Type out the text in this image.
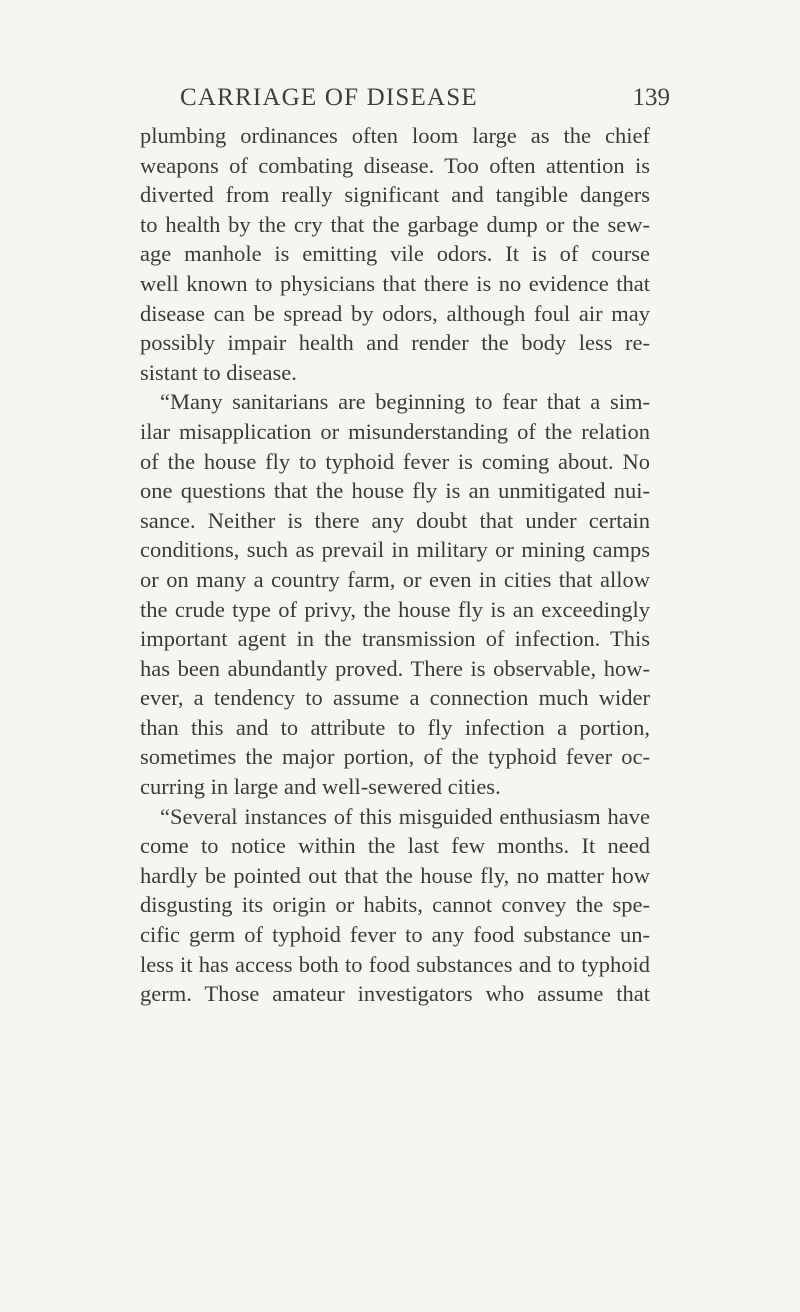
CARRIAGE OF DISEASE	139
plumbing ordinances often loom large as the chief
weapons of combating disease. Too often attention is
diverted from really significant and tangible dangers
to health by the cry that the garbage dump or the sew-
age manhole is emitting vile odors. It is of course
well known to physicians that there is no evidence that
disease can be spread by odors, although foul air may
possibly impair health and render the body less re-
sistant to disease.
“Many sanitarians are beginning to fear that a sim-
ilar misapplication or misunderstanding of the relation
of the house fly to typhoid fever is coming about. No
one questions that the house fly is an unmitigated nui-
sance. Neither is there any doubt that under certain
conditions, such as prevail in military or mining camps
or on many a country farm, or even in cities that allow
the crude type of privy, the house fly is an exceedingly
important agent in the transmission of infection. This
has been abundantly proved. There is observable, how-
ever, a tendency to assume a connection much wider
than this and to attribute to fly infection a portion,
sometimes the major portion, of the typhoid fever oc-
curring in large and well-sewered cities.
“Several instances of this misguided enthusiasm have
come to notice within the last few months. It need
hardly be pointed out that the house fly, no matter how
disgusting its origin or habits, cannot convey the spe-
cific germ of typhoid fever to any food substance un-
less it has access both to food substances and to typhoid
germ. Those amateur investigators who assume that
